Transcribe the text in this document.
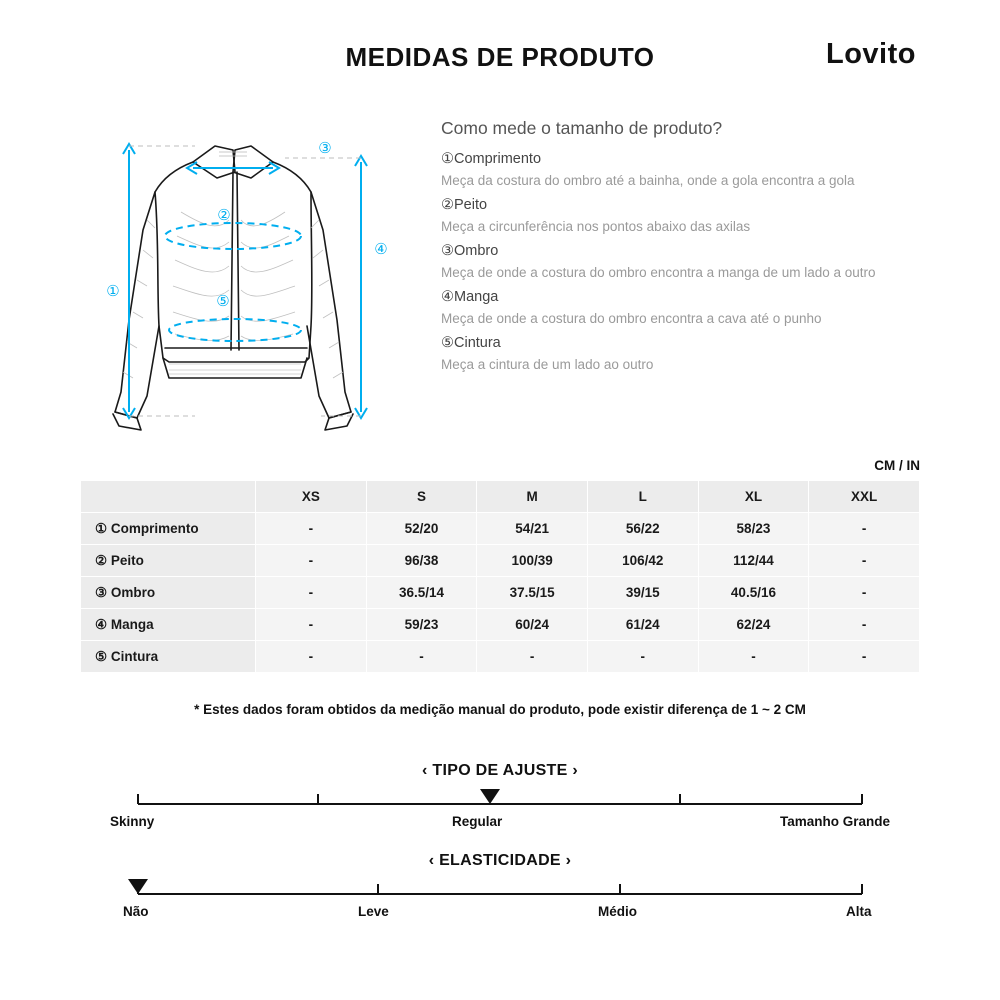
MEDIDAS DE PRODUTO	Lovito
①
②
③
④
⑤
Como mede o tamanho de produto?
①Comprimento
Meça da costura do ombro até a bainha, onde a gola encontra a gola
②Peito
Meça a circunferência nos pontos abaixo das axilas
③Ombro
Meça de onde a costura do ombro encontra a manga de um lado a outro
④Manga
Meça de onde a costura do ombro encontra a cava até o punho
⑤Cintura
Meça a cintura de um lado ao outro
CM / IN
	XS	S	M	L	XL	XXL
① Comprimento	-	52/20	54/21	56/22	58/23	-
② Peito	-	96/38	100/39	106/42	112/44	-
③ Ombro	-	36.5/14	37.5/15	39/15	40.5/16	-
④ Manga	-	59/23	60/24	61/24	62/24	-
⑤ Cintura	-	-	-	-	-	-
* Estes dados foram obtidos da medição manual do produto, pode existir diferença de 1 ~ 2 CM
‹ TIPO DE AJUSTE ›
Skinny	Regular	Tamanho Grande
‹ ELASTICIDADE ›
Não	Leve	Médio	Alta
